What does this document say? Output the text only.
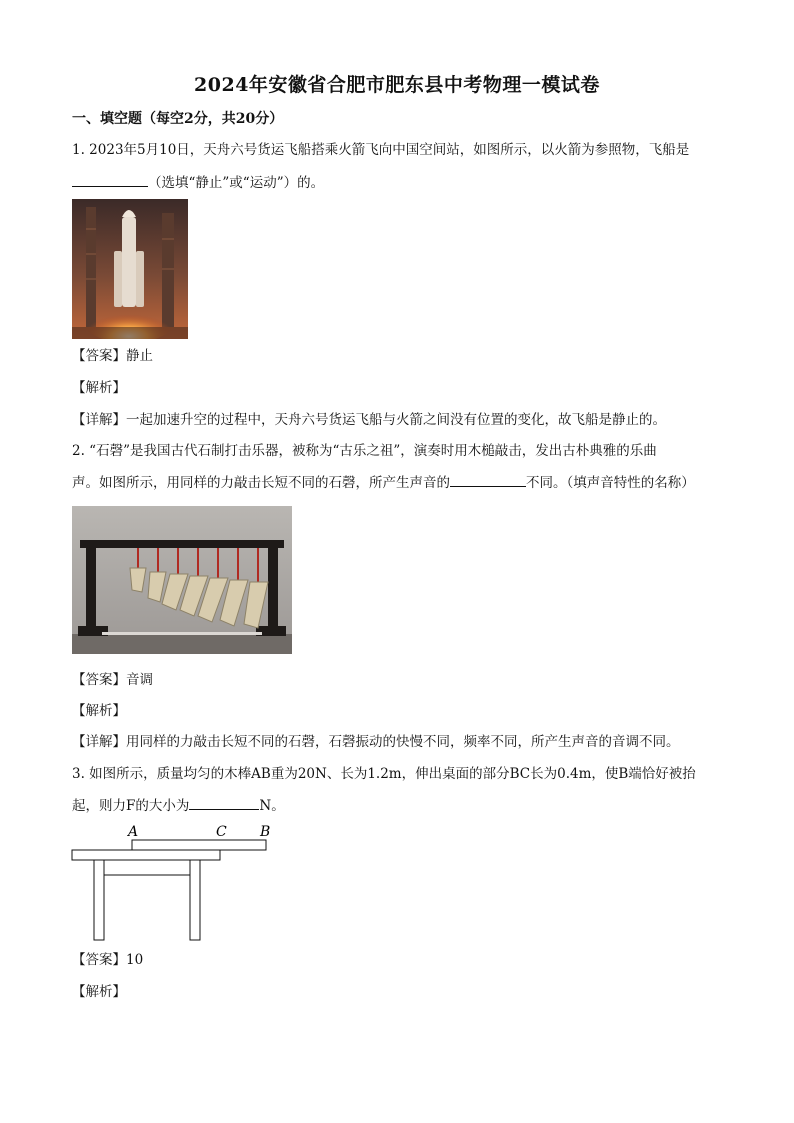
2024年安徽省合肥市肥东县中考物理一模试卷
一、填空题（每空2分，共20分）
1. 2023年5月10日，天舟六号货运飞船搭乘火箭飞向中国空间站，如图所示，以火箭为参照物，飞船是
（选填“静止”或“运动”）的。
【答案】静止
【解析】
【详解】一起加速升空的过程中，天舟六号货运飞船与火箭之间没有位置的变化，故飞船是静止的。
2. “石磬”是我国古代石制打击乐器，被称为“古乐之祖”，演奏时用木槌敲击，发出古朴典雅的乐曲
声。如图所示，用同样的力敲击长短不同的石磬，所产生声音的	不同。（填声音特性的名称）
【答案】音调
【解析】
【详解】用同样的力敲击长短不同的石磬，石磬振动的快慢不同，频率不同，所产生声音的音调不同。
3. 如图所示，质量均匀的木棒AB重为20N、长为1.2m，伸出桌面的部分BC长为0.4m，使B端恰好被抬
起，则力F的大小为	N。
A	C B
【答案】10
【解析】
